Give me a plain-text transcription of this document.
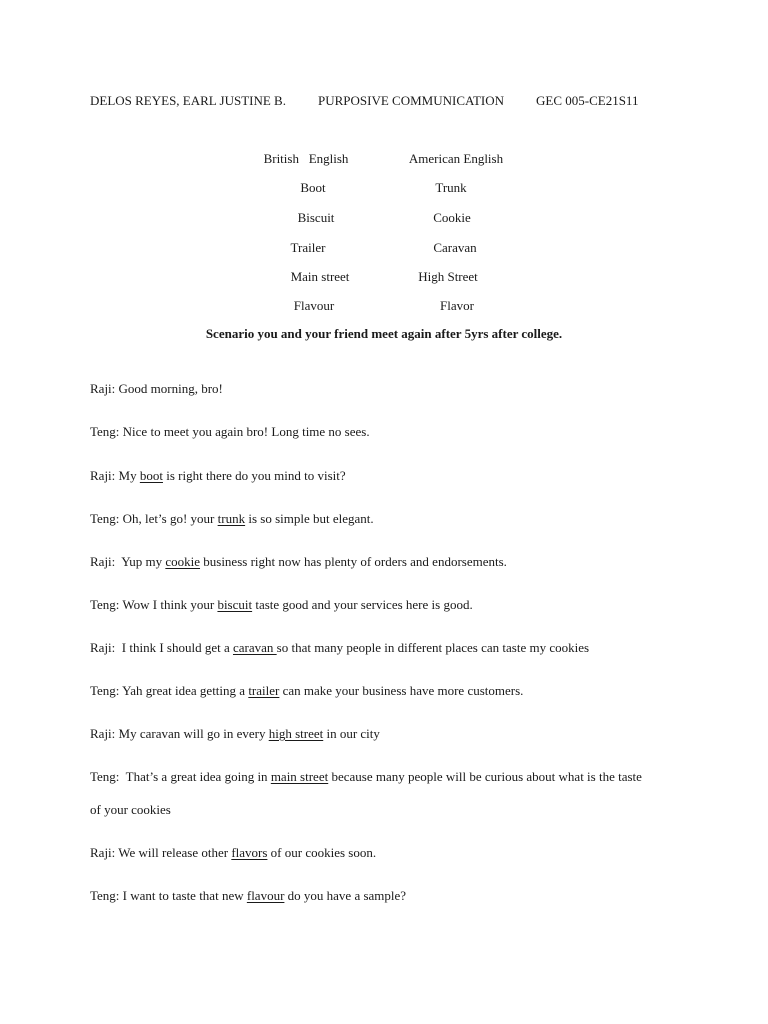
DELOS REYES, EARL JUSTINE B. PURPOSIVE COMMUNICATION GEC 005-CE21S11
British   English	American English
Boot	Trunk
Biscuit	Cookie
Trailer	Caravan
Main street	High Street
Flavour	Flavor
Scenario you and your friend meet again after 5yrs after college.
Raji: Good morning, bro!
Teng: Nice to meet you again bro! Long time no sees.
Raji: My boot is right there do you mind to visit?
Teng: Oh, let’s go! your trunk is so simple but elegant.
Raji:  Yup my cookie business right now has plenty of orders and endorsements.
Teng: Wow I think your biscuit taste good and your services here is good.
Raji:  I think I should get a caravan so that many people in different places can taste my cookies
Teng: Yah great idea getting a trailer can make your business have more customers.
Raji: My caravan will go in every high street in our city
Teng:  That’s a great idea going in main street because many people will be curious about what is the taste
of your cookies
Raji: We will release other flavors of our cookies soon.
Teng: I want to taste that new flavour do you have a sample?
